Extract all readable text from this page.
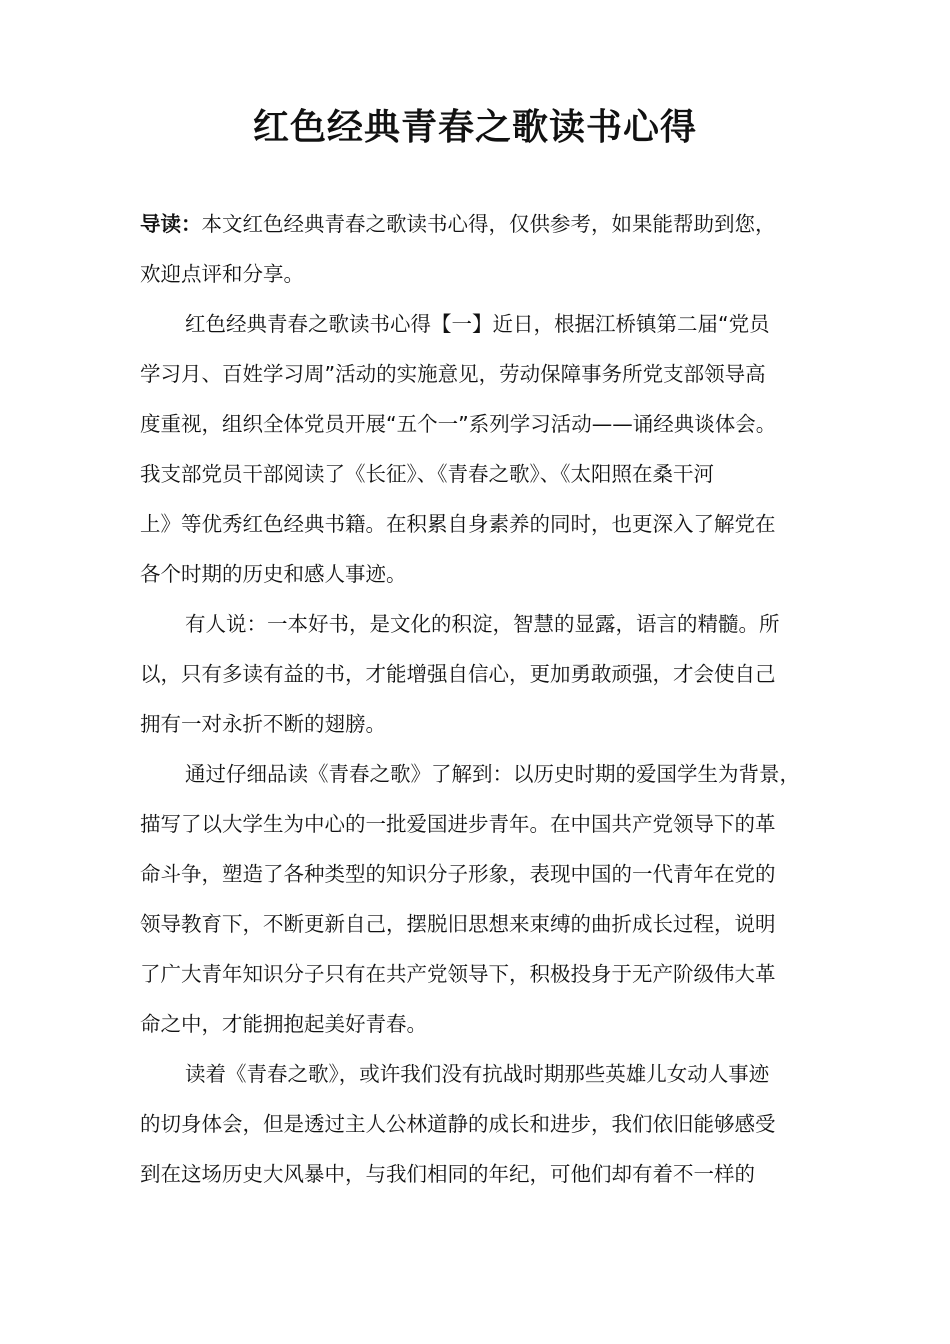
红色经典青春之歌读书心得
导读：本文红色经典青春之歌读书心得，仅供参考，如果能帮助到您，
欢迎点评和分享。
红色经典青春之歌读书心得【一】近日，根据江桥镇第二届“党员
学习月、百姓学习周”活动的实施意见，劳动保障事务所党支部领导高
度重视，组织全体党员开展“五个一”系列学习活动——诵经典谈体会。
我支部党员干部阅读了《长征》、《青春之歌》、《太阳照在桑干河
上》等优秀红色经典书籍。在积累自身素养的同时，也更深入了解党在
各个时期的历史和感人事迹。
有人说：一本好书，是文化的积淀，智慧的显露，语言的精髓。所
以，只有多读有益的书，才能增强自信心，更加勇敢顽强，才会使自己
拥有一对永折不断的翅膀。
通过仔细品读《青春之歌》了解到：以历史时期的爱国学生为背景，
描写了以大学生为中心的一批爱国进步青年。在中国共产党领导下的革
命斗争，塑造了各种类型的知识分子形象，表现中国的一代青年在党的
领导教育下，不断更新自己，摆脱旧思想来束缚的曲折成长过程，说明
了广大青年知识分子只有在共产党领导下，积极投身于无产阶级伟大革
命之中，才能拥抱起美好青春。
读着《青春之歌》，或许我们没有抗战时期那些英雄儿女动人事迹
的切身体会，但是透过主人公林道静的成长和进步，我们依旧能够感受
到在这场历史大风暴中，与我们相同的年纪，可他们却有着不一样的
